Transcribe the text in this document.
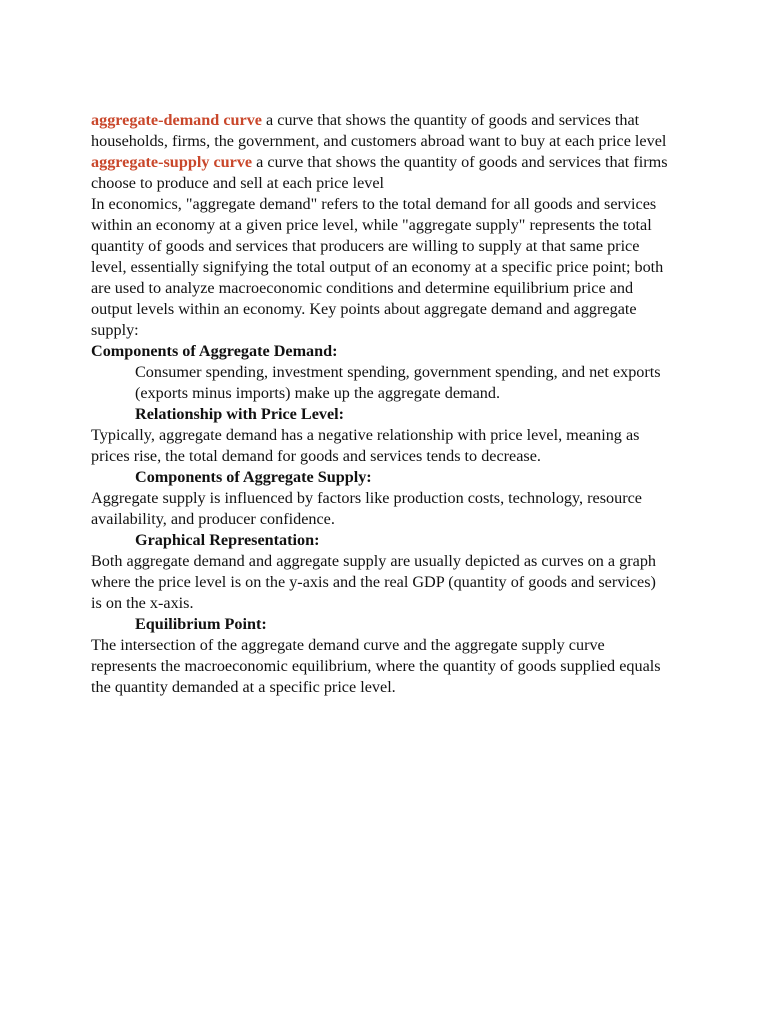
aggregate-demand curve a curve that shows the quantity of goods and services that households, firms, the government, and customers abroad want to buy at each price level

aggregate-supply curve a curve that shows the quantity of goods and services that firms choose to produce and sell at each price level

In economics, "aggregate demand" refers to the total demand for all goods and services within an economy at a given price level, while "aggregate supply" represents the total quantity of goods and services that producers are willing to supply at that same price level, essentially signifying the total output of an economy at a specific price point; both are used to analyze macroeconomic conditions and determine equilibrium price and output levels within an economy. Key points about aggregate demand and aggregate supply:

Components of Aggregate Demand:

Consumer spending, investment spending, government spending, and net exports (exports minus imports) make up the aggregate demand.

Relationship with Price Level:

Typically, aggregate demand has a negative relationship with price level, meaning as prices rise, the total demand for goods and services tends to decrease.

Components of Aggregate Supply:

Aggregate supply is influenced by factors like production costs, technology, resource availability, and producer confidence.

Graphical Representation:

Both aggregate demand and aggregate supply are usually depicted as curves on a graph where the price level is on the y-axis and the real GDP (quantity of goods and services) is on the x-axis.

Equilibrium Point:

The intersection of the aggregate demand curve and the aggregate supply curve represents the macroeconomic equilibrium, where the quantity of goods supplied equals the quantity demanded at a specific price level.
